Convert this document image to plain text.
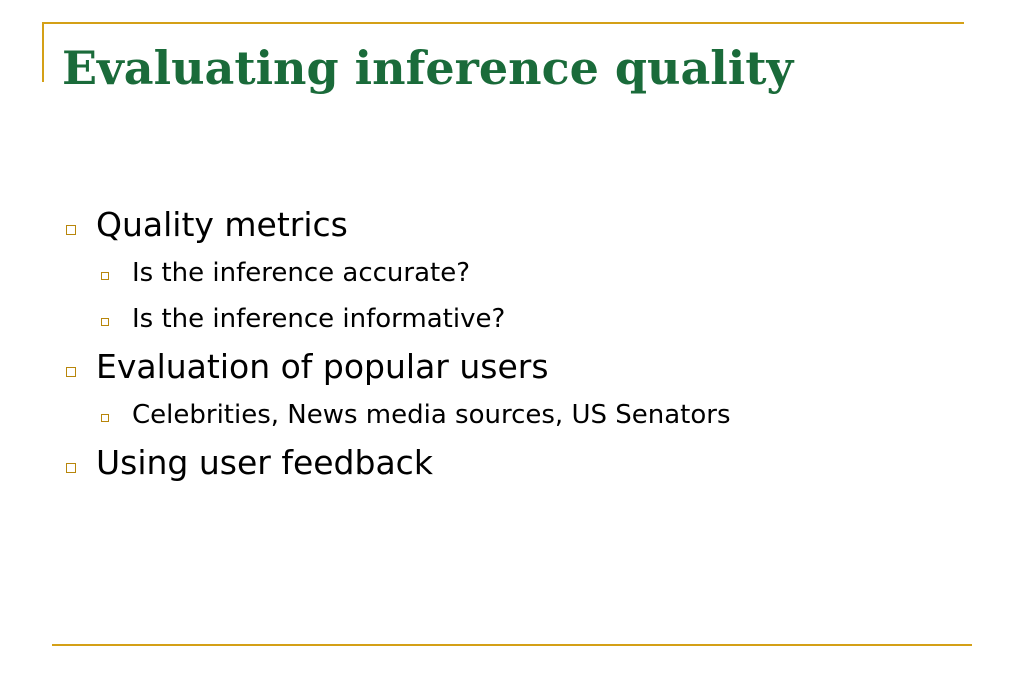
Evaluating inference quality
Quality metrics
Is the inference accurate?
Is the inference informative?
Evaluation of popular users
Celebrities, News media sources, US Senators
Using user feedback
